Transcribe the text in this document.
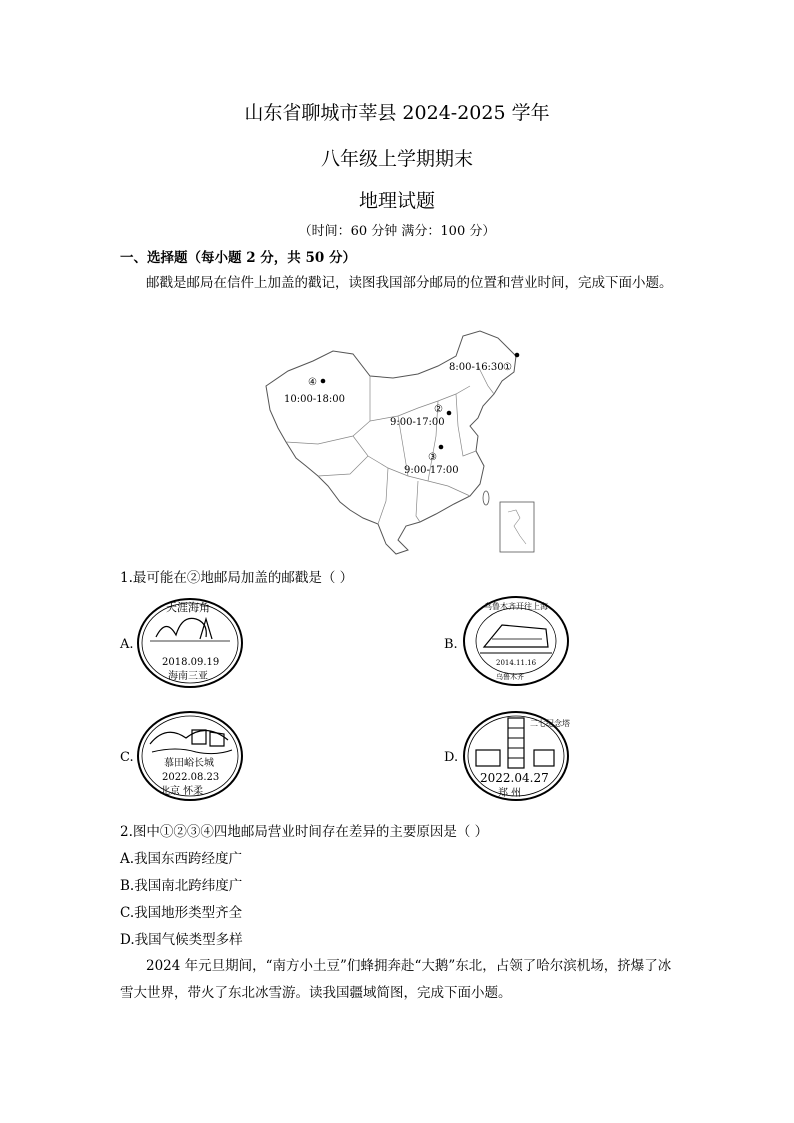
山东省聊城市莘县 2024-2025 学年
八年级上学期期末
地理试题
（时间：60 分钟 满分：100 分）
一、选择题（每小题 2 分，共 50 分）
邮戳是邮局在信件上加盖的戳记，读图我国部分邮局的位置和营业时间，完成下面小题。
8:00-16:30 ①
②
9:00-17:00
③
9:00-17:00
④
10:00-18:00
1.最可能在②地邮局加盖的邮戳是（ ）
A.
天涯海角
2018.09.19
海南三亚
B.
乌鲁木齐开往上海
2014.11.16
乌鲁木齐
C.	慕田峪长城
2022.08.23
北京 怀柔
D.
二七纪念塔
2022.04.27
郑 州
2.图中①②③④四地邮局营业时间存在差异的主要原因是（ ）
A.我国东西跨经度广
B.我国南北跨纬度广
C.我国地形类型齐全
D.我国气候类型多样
2024 年元旦期间，“南方小土豆”们蜂拥奔赴“大鹅”东北，占领了哈尔滨机场，挤爆了冰雪大世界，带火了东北冰雪游。读我国疆域简图，完成下面小题。
